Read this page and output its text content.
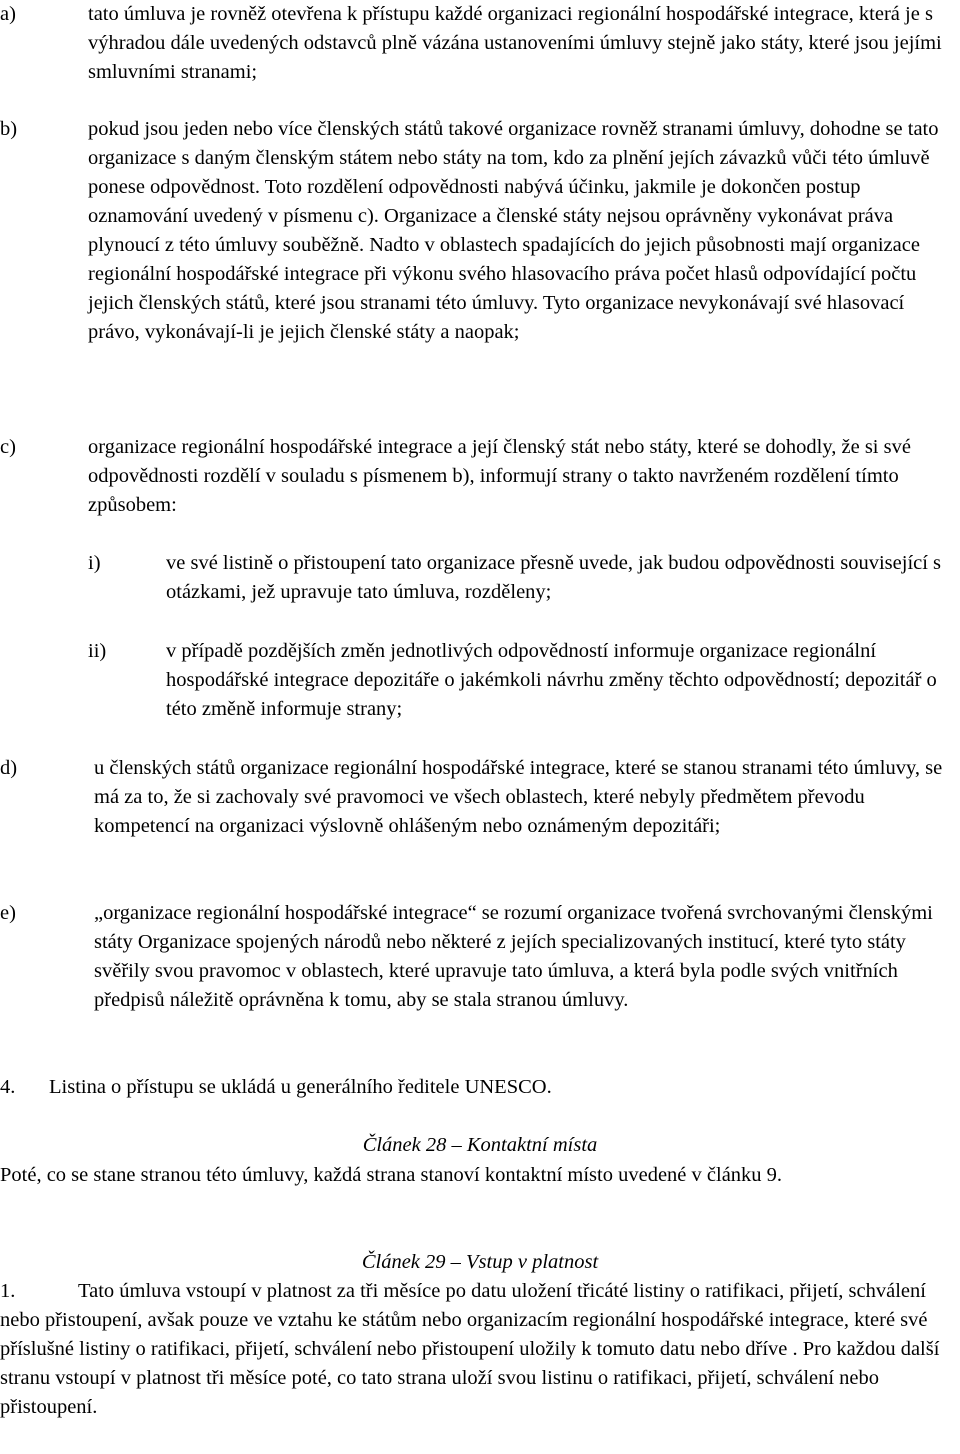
a)	tato úmluva je rovněž otevřena k přístupu každé organizaci regionální hospodářské integrace, která je s výhradou dále uvedených odstavců plně vázána ustanoveními úmluvy stejně jako státy, které jsou jejími smluvními stranami;

b)	pokud jsou jeden nebo více členských států takové organizace rovněž stranami úmluvy, dohodne se tato organizace s daným členským státem nebo státy na tom, kdo za plnění jejích závazků vůči této úmluvě ponese odpovědnost. Toto rozdělení odpovědnosti nabývá účinku, jakmile je dokončen postup oznamování uvedený v písmenu c). Organizace a členské státy nejsou oprávněny vykonávat práva plynoucí z této úmluvy souběžně. Nadto v oblastech spadajících do jejich působnosti mají organizace regionální hospodářské integrace při výkonu svého hlasovacího práva počet hlasů odpovídající počtu jejich členských států, které jsou stranami této úmluvy. Tyto organizace nevykonávají své hlasovací právo, vykonávají-li je jejich členské státy a naopak;

c)	organizace regionální hospodářské integrace a její členský stát nebo státy, které se dohodly, že si své odpovědnosti rozdělí v souladu s písmenem b), informují strany o takto navrženém rozdělení tímto způsobem:

i)	ve své listině o přistoupení tato organizace přesně uvede, jak budou odpovědnosti související s otázkami, jež upravuje tato úmluva, rozděleny;

ii)	v případě pozdějších změn jednotlivých odpovědností informuje organizace regionální hospodářské integrace depozitáře o jakémkoli návrhu změny těchto odpovědností; depozitář o této změně informuje strany;

d)	u členských států organizace regionální hospodářské integrace, které se stanou stranami této úmluvy, se má za to, že si zachovaly své pravomoci ve všech oblastech, které nebyly předmětem převodu kompetencí na organizaci výslovně ohlášeným nebo oznámeným depozitáři;

e)	„organizace regionální hospodářské integrace“ se rozumí organizace tvořená svrchovanými členskými státy Organizace spojených národů nebo některé z jejích specializovaných institucí, které tyto státy svěřily svou pravomoc v oblastech, které upravuje tato úmluva, a která byla podle svých vnitřních předpisů náležitě oprávněna k tomu, aby se stala stranou úmluvy.

4. Listina o přístupu se ukládá u generálního ředitele UNESCO.
Článek 28 – Kontaktní místa

Poté, co se stane stranou této úmluvy, každá strana stanoví kontaktní místo uvedené v článku 9.

Článek 29 – Vstup v platnost

1.	Tato úmluva vstoupí v platnost za tři měsíce po datu uložení třicáté listiny o ratifikaci, přijetí, schválení nebo přistoupení, avšak pouze ve vztahu ke státům nebo organizacím regionální hospodářské integrace, které své příslušné listiny o ratifikaci, přijetí, schválení nebo přistoupení uložily k tomuto datu nebo dříve . Pro každou další stranu vstoupí v platnost tři měsíce poté, co tato strana uloží svou listinu o ratifikaci, přijetí, schválení nebo přistoupení.
